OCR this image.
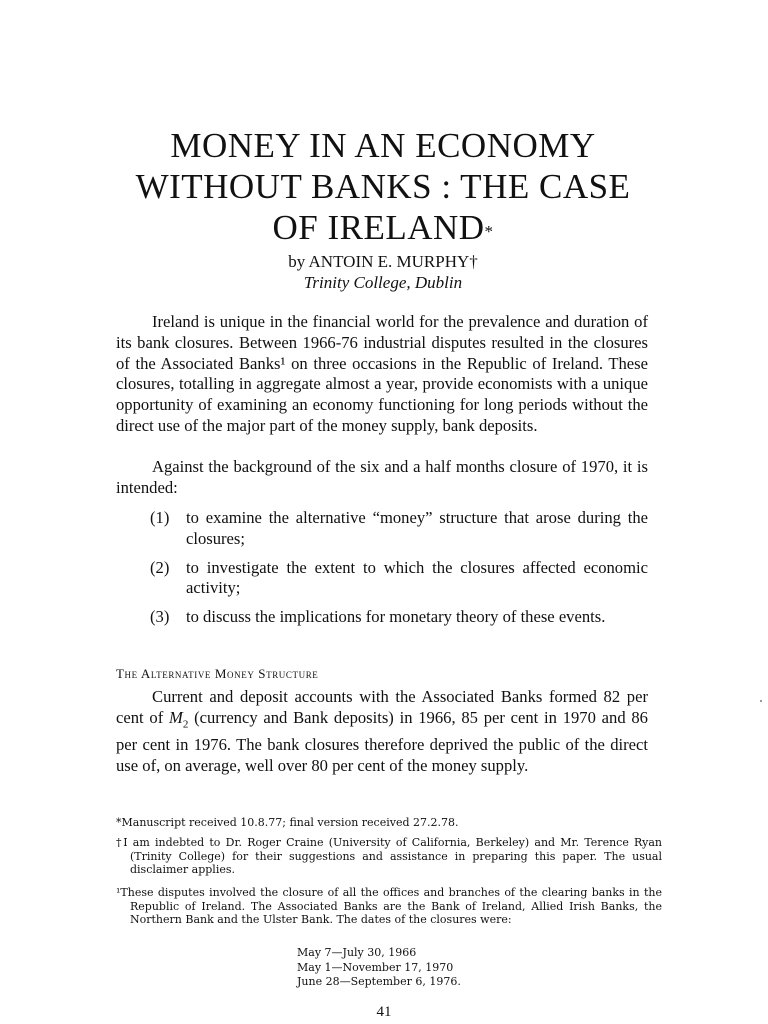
MONEY IN AN ECONOMY
WITHOUT BANKS : THE CASE
OF IRELAND*
by ANTOIN E. MURPHY†
Trinity College, Dublin
Ireland is unique in the financial world for the prevalence and duration of its bank closures. Between 1966-76 industrial disputes resulted in the closures of the Associated Banks¹ on three occasions in the Republic of Ireland. These closures, totalling in aggregate almost a year, provide economists with a unique opportunity of examining an economy functioning for long periods without the direct use of the major part of the money supply, bank deposits.
Against the background of the six and a half months closure of 1970, it is intended:
(1) to examine the alternative “money” structure that arose during the closures;
(2) to investigate the extent to which the closures affected economic activity;
(3) to discuss the implications for monetary theory of these events.
The Alternative Money Structure
Current and deposit accounts with the Associated Banks formed 82 per cent of $M_2$ (currency and Bank deposits) in 1966, 85 per cent in 1970 and 86 per cent in 1976. The bank closures therefore deprived the public of the direct use of, on average, well over 80 per cent of the money supply.
*Manuscript received 10.8.77; final version received 27.2.78.
†I am indebted to Dr. Roger Craine (University of California, Berkeley) and Mr. Terence Ryan (Trinity College) for their suggestions and assistance in preparing this paper. The usual disclaimer applies.
¹These disputes involved the closure of all the offices and branches of the clearing banks in the Republic of Ireland. The Associated Banks are the Bank of Ireland, Allied Irish Banks, the Northern Bank and the Ulster Bank. The dates of the closures were:
May 7—July 30, 1966
May 1—November 17, 1970
June 28—September 6, 1976.
41
